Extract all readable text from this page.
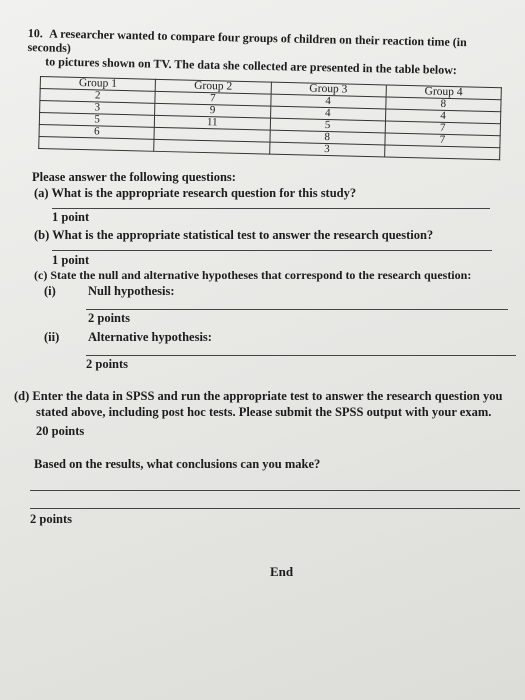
10. A researcher wanted to compare four groups of children on their reaction time (in seconds)
to pictures shown on TV. The data she collected are presented in the table below:
Group 1	Group 2	Group 3	Group 4
2	7	4	8
3	9	4	4
5	11	5	7
6		8	7
		3	
Please answer the following questions:
(a) What is the appropriate research question for this study?
1 point
(b) What is the appropriate statistical test to answer the research question?
1 point
(c) State the null and alternative hypotheses that correspond to the research question:
(i)	Null hypothesis:
2 points
(ii) Alternative hypothesis:
2 points
(d) Enter the data in SPSS and run the appropriate test to answer the research question you
stated above, including post hoc tests. Please submit the SPSS output with your exam.
20 points
Based on the results, what conclusions can you make?
2 points
End
